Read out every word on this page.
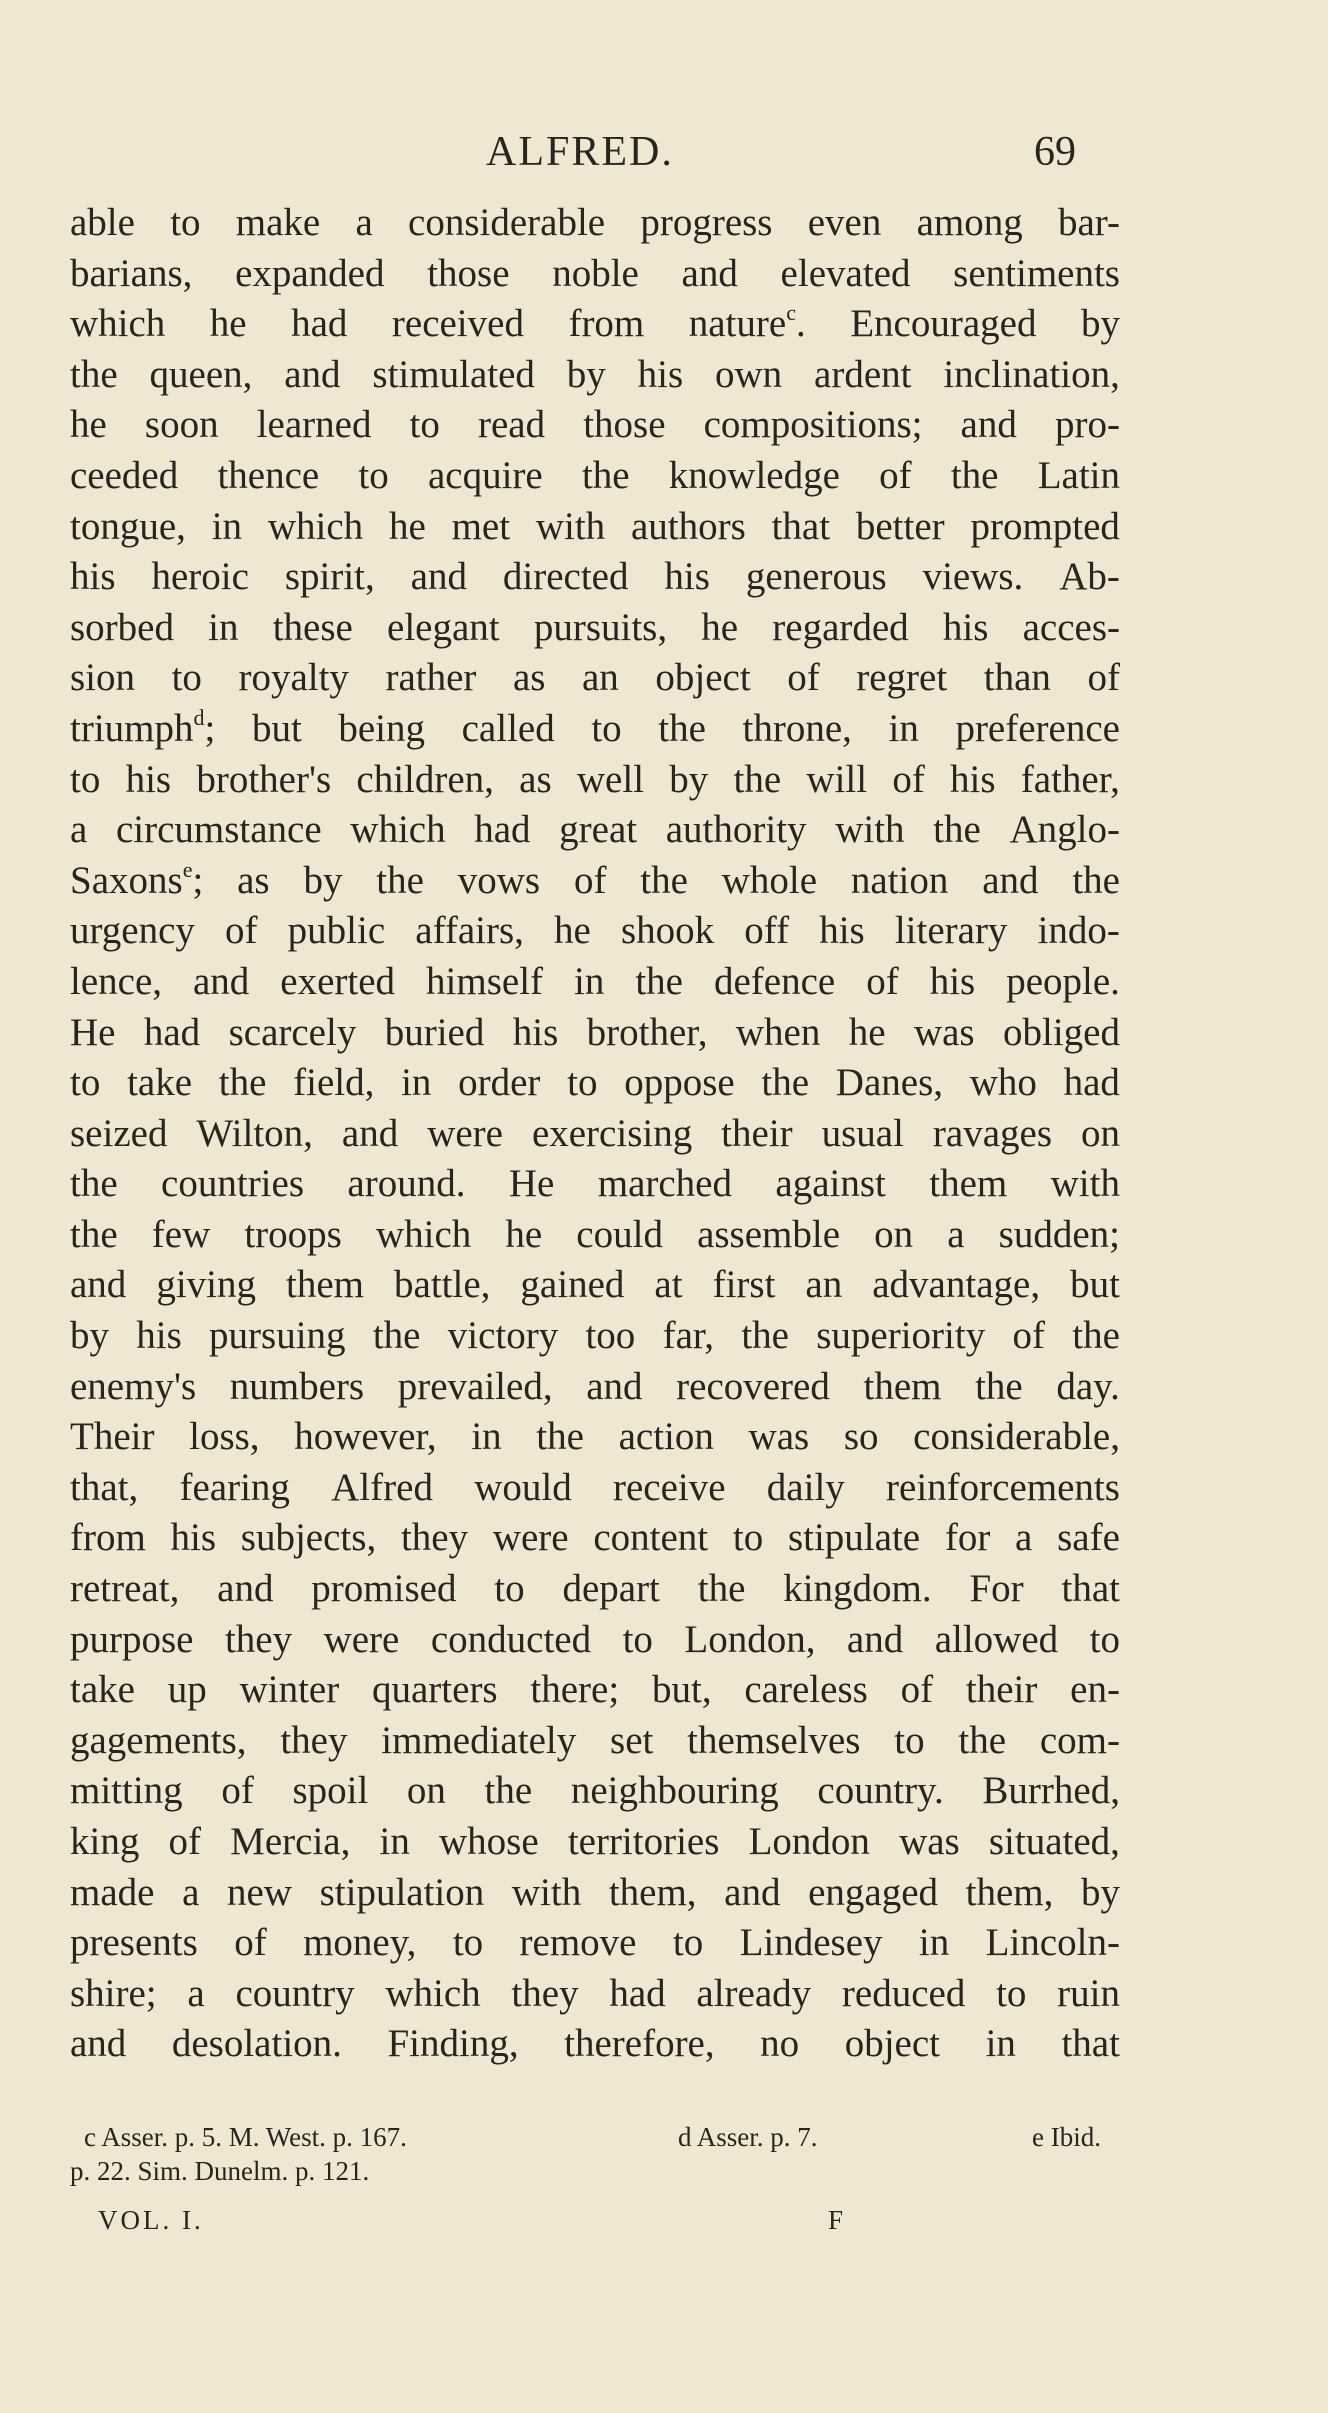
ALFRED.	69
able to make a considerable progress even among bar-
barians, expanded those noble and elevated sentiments
which he had received from nature$^c$. Encouraged by
the queen, and stimulated by his own ardent inclination,
he soon learned to read those compositions; and pro-
ceeded thence to acquire the knowledge of the Latin
tongue, in which he met with authors that better prompted
his heroic spirit, and directed his generous views. Ab-
sorbed in these elegant pursuits, he regarded his acces-
sion to royalty rather as an object of regret than of
triumph$^d$; but being called to the throne, in preference
to his brother's children, as well by the will of his father,
a circumstance which had great authority with the Anglo-
Saxons$^e$; as by the vows of the whole nation and the
urgency of public affairs, he shook off his literary indo-
lence, and exerted himself in the defence of his people.
He had scarcely buried his brother, when he was obliged
to take the field, in order to oppose the Danes, who had
seized Wilton, and were exercising their usual ravages on
the countries around. He marched against them with
the few troops which he could assemble on a sudden;
and giving them battle, gained at first an advantage, but
by his pursuing the victory too far, the superiority of the
enemy's numbers prevailed, and recovered them the day.
Their loss, however, in the action was so considerable,
that, fearing Alfred would receive daily reinforcements
from his subjects, they were content to stipulate for a safe
retreat, and promised to depart the kingdom. For that
purpose they were conducted to London, and allowed to
take up winter quarters there; but, careless of their en-
gagements, they immediately set themselves to the com-
mitting of spoil on the neighbouring country. Burrhed,
king of Mercia, in whose territories London was situated,
made a new stipulation with them, and engaged them, by
presents of money, to remove to Lindesey in Lincoln-
shire; a country which they had already reduced to ruin
and desolation. Finding, therefore, no object in that
c Asser. p. 5. M. West. p. 167.	d Asser. p. 7.	e Ibid.
p. 22. Sim. Dunelm. p. 121.
VOL. I.	F
